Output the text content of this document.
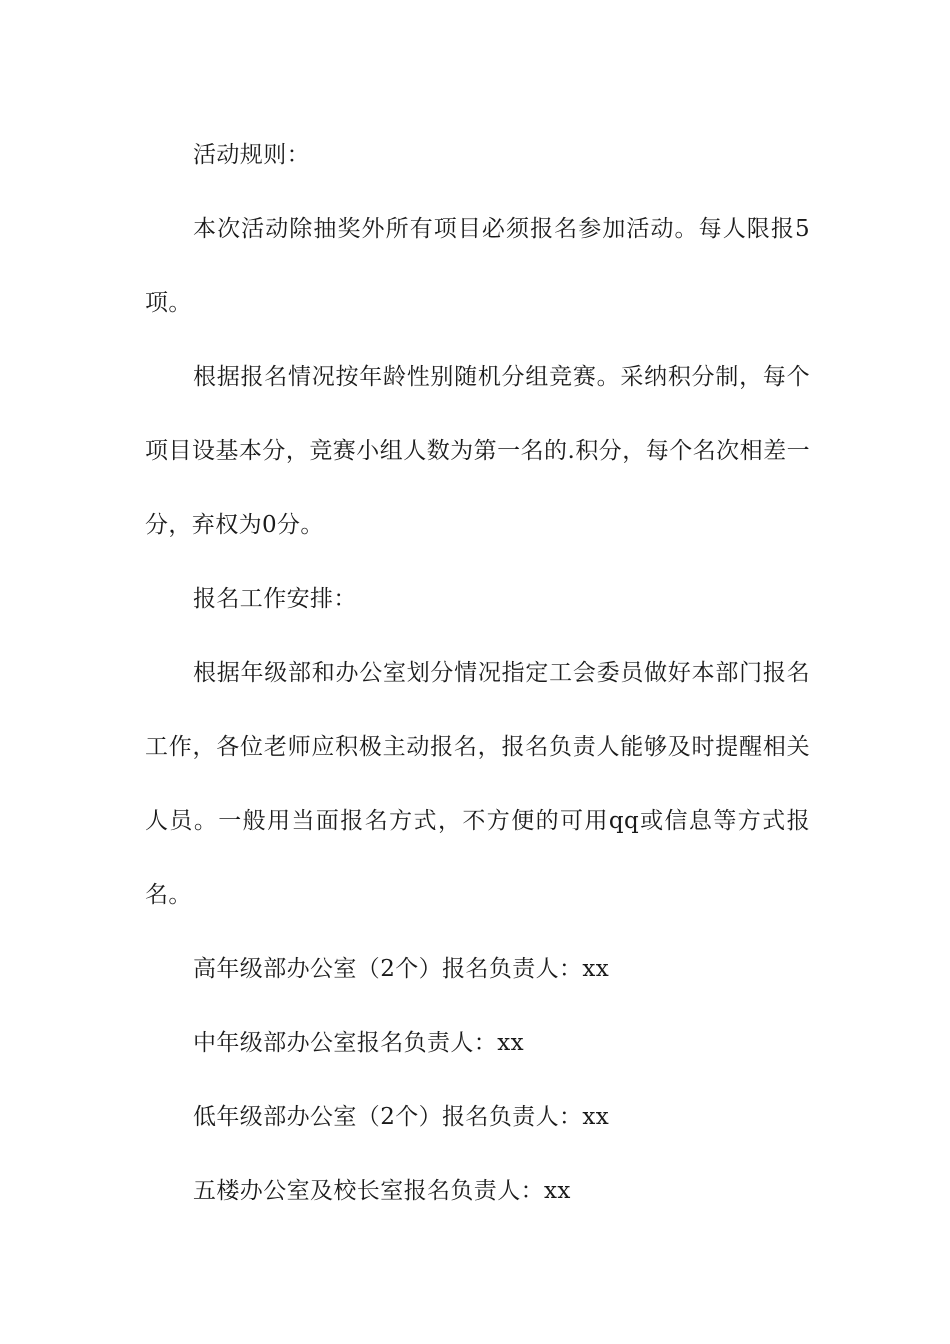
活动规则：

本次活动除抽奖外所有项目必须报名参加活动。每人限报5项。

根据报名情况按年龄性别随机分组竞赛。采纳积分制，每个项目设基本分，竞赛小组人数为第一名的.积分，每个名次相差一分，弃权为0分。

报名工作安排：

根据年级部和办公室划分情况指定工会委员做好本部门报名工作，各位老师应积极主动报名，报名负责人能够及时提醒相关人员。一般用当面报名方式，不方便的可用qq或信息等方式报名。

高年级部办公室（2个）报名负责人：xx

中年级部办公室报名负责人：xx

低年级部办公室（2个）报名负责人：xx

五楼办公室及校长室报名负责人：xx
